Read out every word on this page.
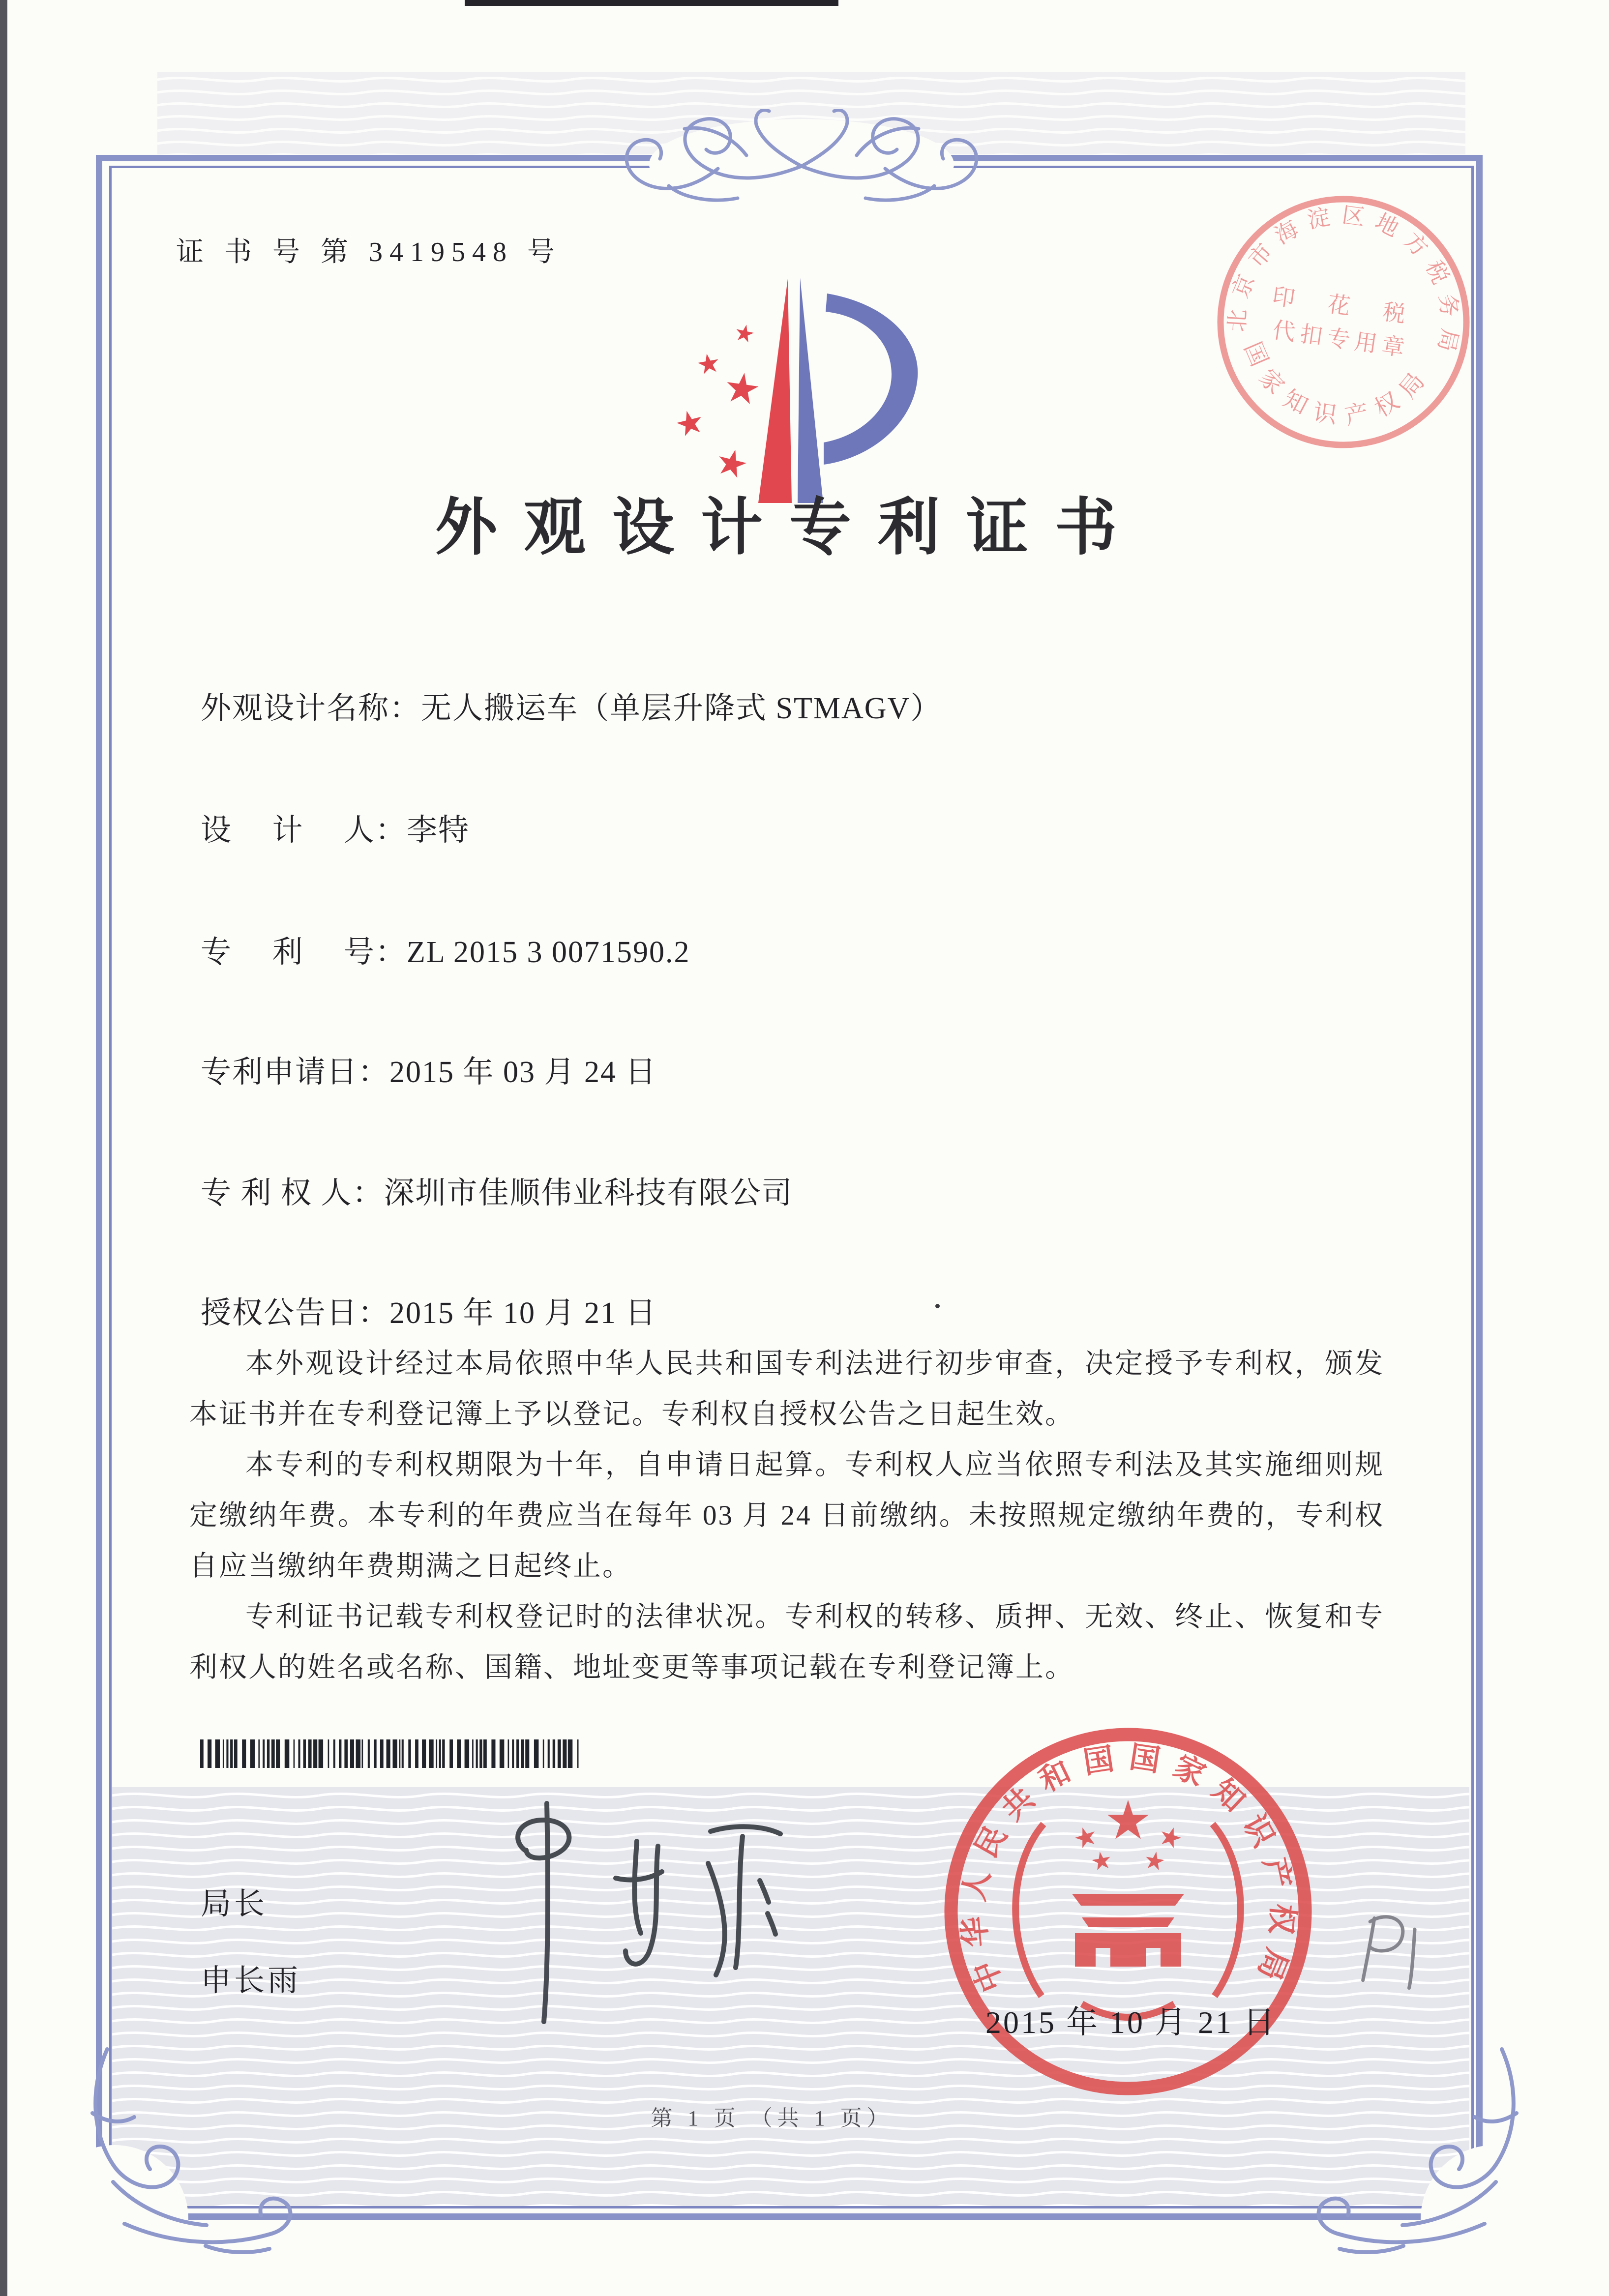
证 书 号 第 3419548 号
外观设计专利证书
外观设计名称：无人搬运车（单层升降式 STMAGV）
设　 计　 人：李特
专　 利　 号：ZL 2015 3 0071590.2
专利申请日：2015 年 03 月 24 日
专 利 权 人：深圳市佳顺伟业科技有限公司
授权公告日：2015 年 10 月 21 日

本外观设计经过本局依照中华人民共和国专利法进行初步审查，决定授予专利权，颁发本证书并在专利登记簿上予以登记。专利权自授权公告之日起生效。

本专利的专利权期限为十年，自申请日起算。专利权人应当依照专利法及其实施细则规定缴纳年费。本专利的年费应当在每年 03 月 24 日前缴纳。未按照规定缴纳年费的，专利权自应当缴纳年费期满之日起终止。

专利证书记载专利权登记时的法律状况。专利权的转移、质押、无效、终止、恢复和专利权人的姓名或名称、国籍、地址变更等事项记载在专利登记簿上。

局长
申长雨	中华人民共和国国家知识产权局
2015 年 10 月 21 日
北京市海淀区地方税务局
国家知识产权局
印 花 税
代扣专用章
第 1 页 （共 1 页）
